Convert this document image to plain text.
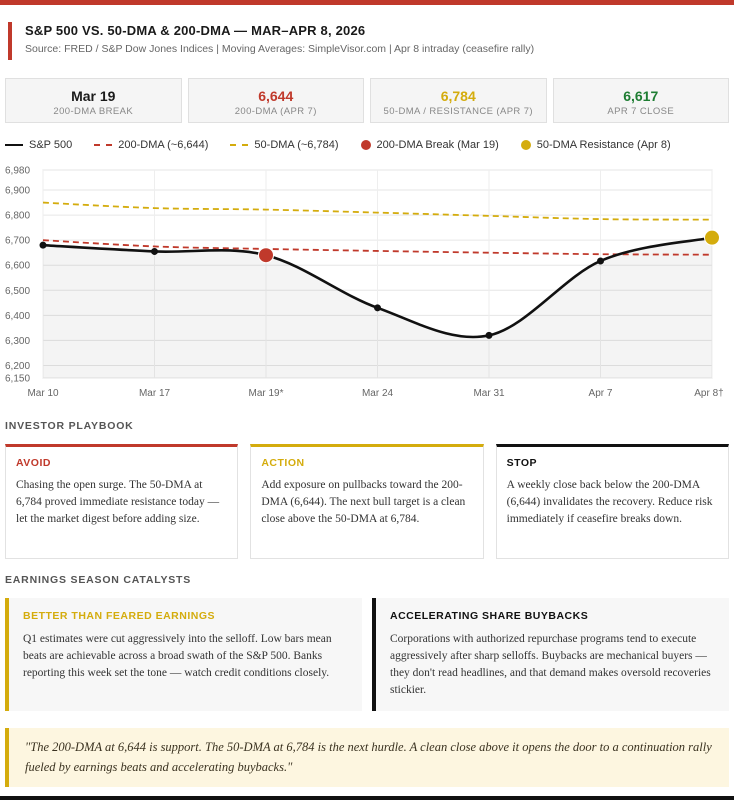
S&P 500 VS. 50-DMA & 200-DMA — MAR–APR 8, 2026
Source: FRED / S&P Dow Jones Indices | Moving Averages: SimpleVisor.com | Apr 8 intraday (ceasefire rally)
Mar 19
200-DMA BREAK
6,644
200-DMA (APR 7)
6,784
50-DMA / RESISTANCE (APR 7)
6,617
APR 7 CLOSE
S&P 500	200-DMA (~6,644)	50-DMA (~6,784)	200-DMA Break (Mar 19)	50-DMA Resistance (Apr 8)
6,150
6,200
6,300
6,400
6,500
6,600
6,700
6,800
6,900
6,980
Mar 10	Mar 17	Mar 19*	Mar 24	Mar 31	Apr 7	Apr 8†
INVESTOR PLAYBOOK
AVOID
Chasing the open surge. The 50-DMA at 6,784 proved immediate resistance today — let the market digest before adding size.
ACTION
Add exposure on pullbacks toward the 200-DMA (6,644). The next bull target is a clean close above the 50-DMA at 6,784.
STOP
A weekly close back below the 200-DMA (6,644) invalidates the recovery. Reduce risk immediately if ceasefire breaks down.
EARNINGS SEASON CATALYSTS
BETTER THAN FEARED EARNINGS
Q1 estimates were cut aggressively into the selloff. Low bars mean beats are achievable across a broad swath of the S&P 500. Banks reporting this week set the tone — watch credit conditions closely.
ACCELERATING SHARE BUYBACKS
Corporations with authorized repurchase programs tend to execute aggressively after sharp selloffs. Buybacks are mechanical buyers — they don't read headlines, and that demand makes oversold recoveries stickier.
"The 200-DMA at 6,644 is support. The 50-DMA at 6,784 is the next hurdle. A clean close above it opens the door to a continuation rally fueled by earnings beats and accelerating buybacks."
